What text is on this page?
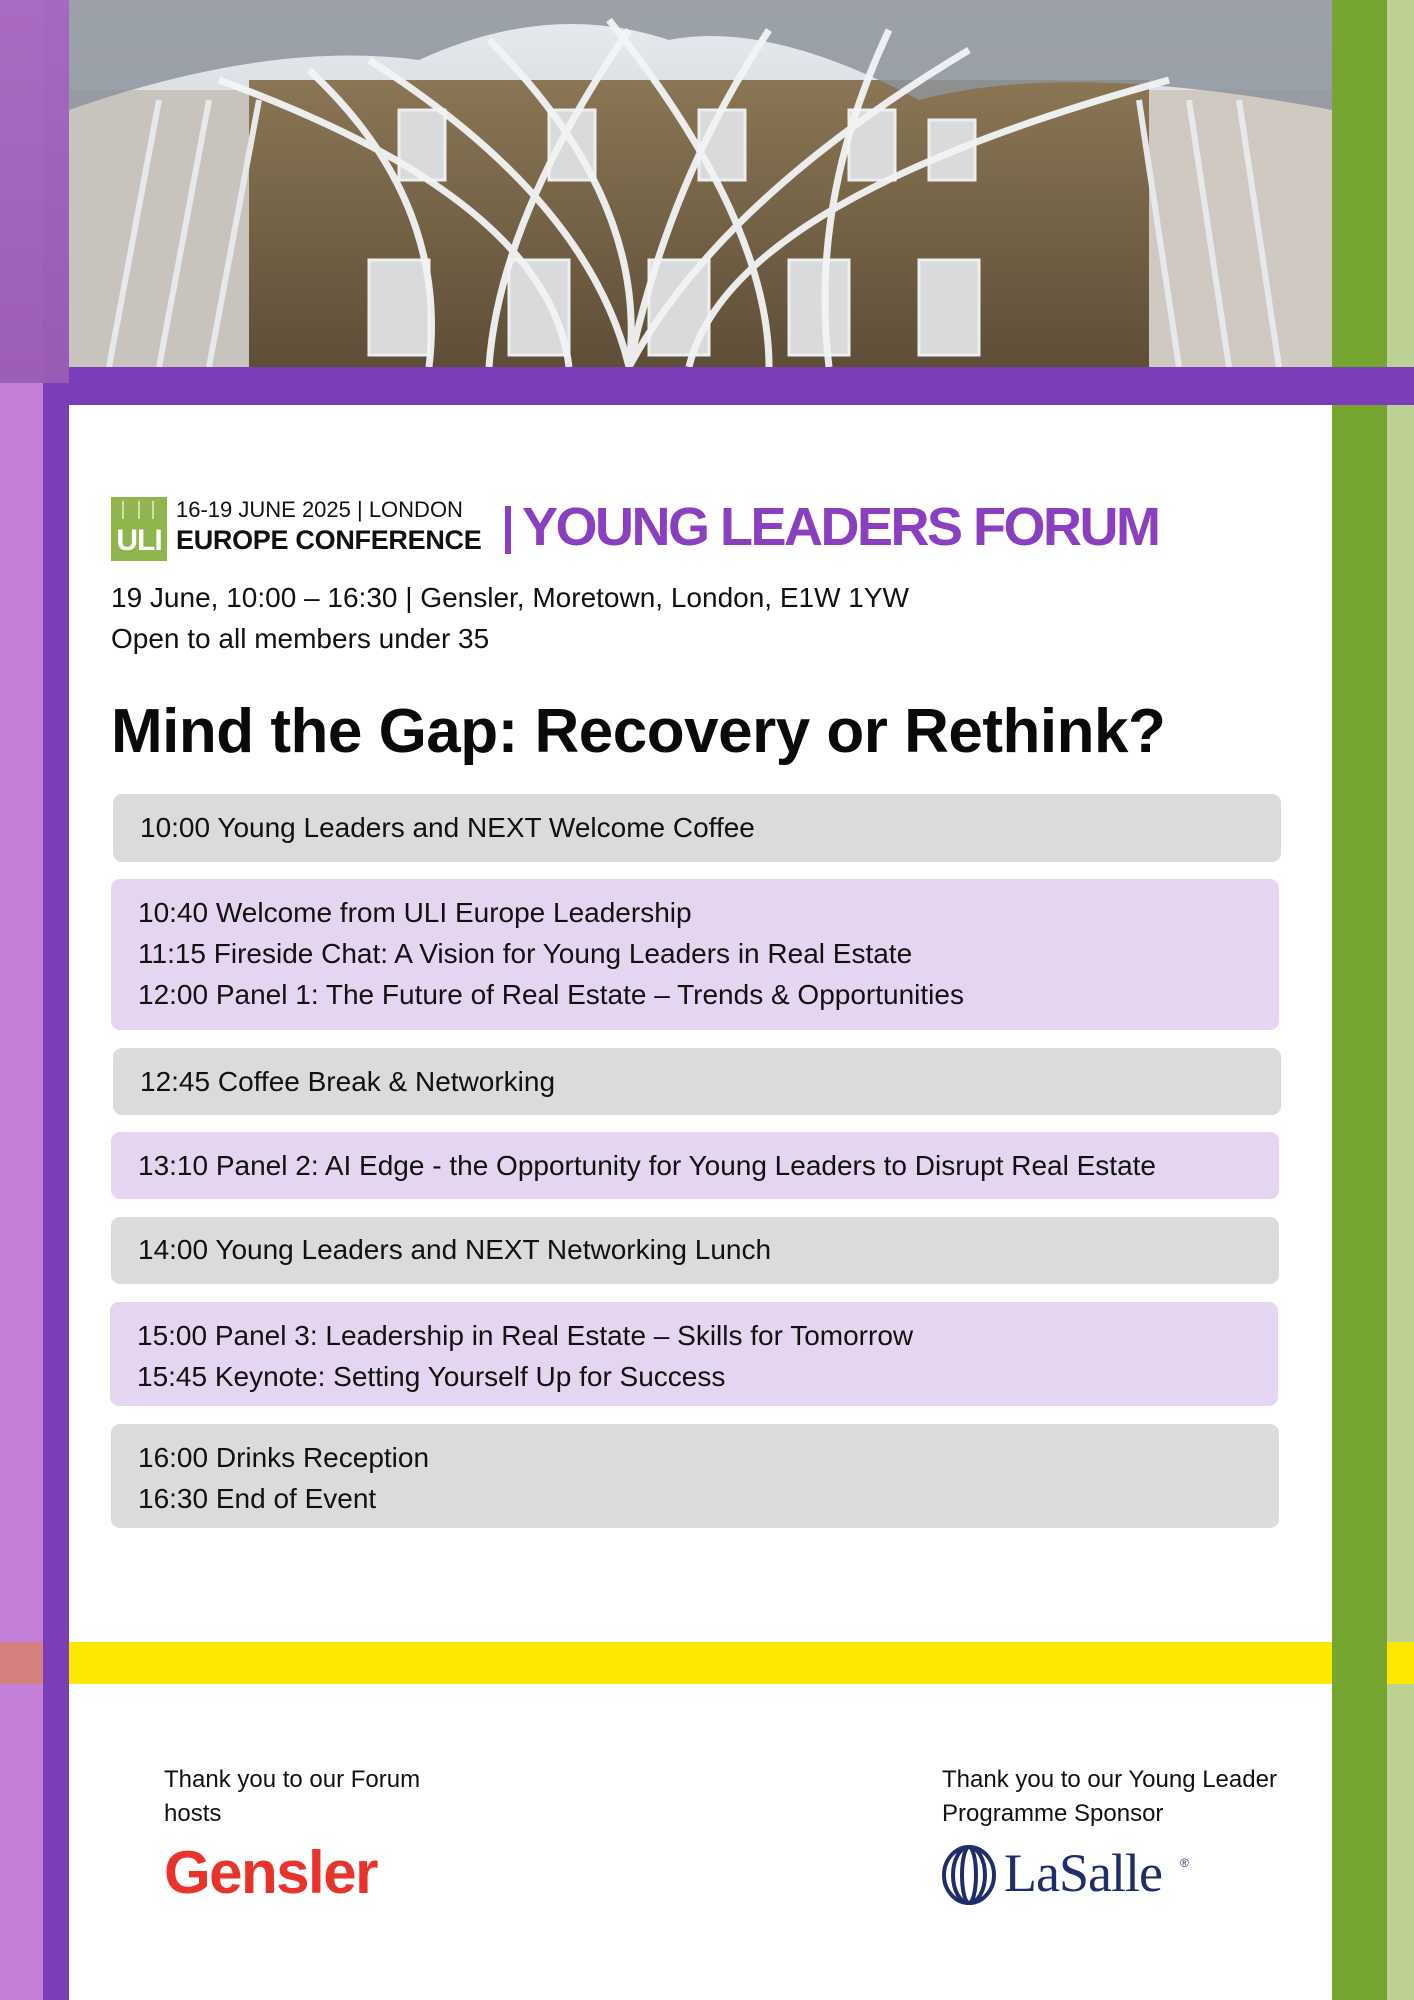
ULI
16-19 JUNE 2025 | LONDON
EUROPE CONFERENCE YOUNG LEADERS FORUM
19 June, 10:00 – 16:30 | Gensler, Moretown, London, E1W 1YW
Open to all members under 35
Mind the Gap: Recovery or Rethink?
10:00 Young Leaders and NEXT Welcome Coffee
10:40 Welcome from ULI Europe Leadership
11:15 Fireside Chat: A Vision for Young Leaders in Real Estate
12:00 Panel 1: The Future of Real Estate – Trends & Opportunities
12:45 Coffee Break & Networking
13:10 Panel 2: AI Edge - the Opportunity for Young Leaders to Disrupt Real Estate
14:00 Young Leaders and NEXT Networking Lunch
15:00 Panel 3: Leadership in Real Estate – Skills for Tomorrow
15:45 Keynote: Setting Yourself Up for Success
16:00 Drinks Reception
16:30 End of Event
Thank you to our Forum hosts
Gensler
Thank you to our Young Leader Programme Sponsor
LaSalle ®
